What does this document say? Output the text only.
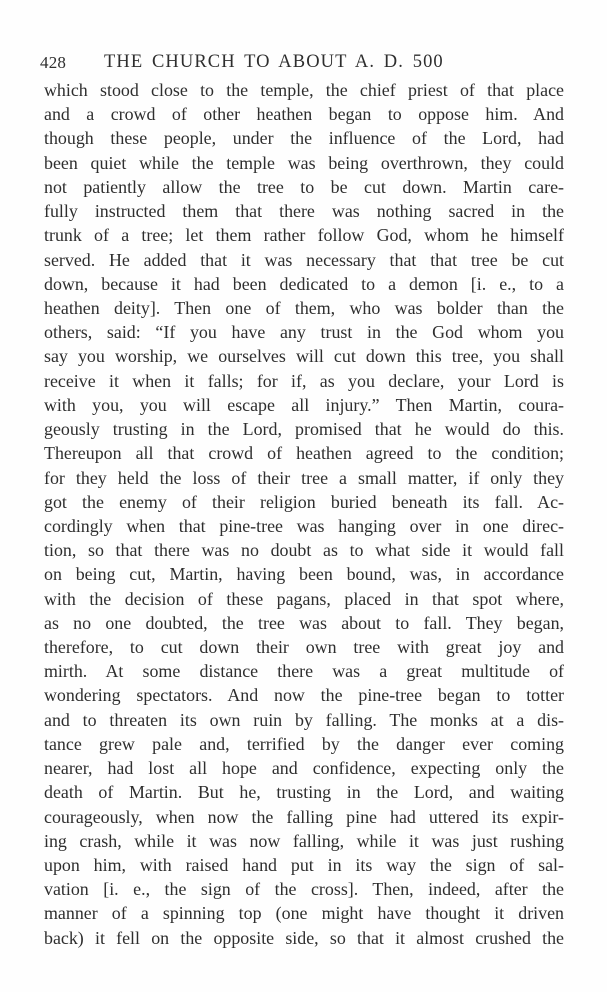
428 THE CHURCH TO ABOUT A. D. 500
which stood close to the temple, the chief priest of that place
and a crowd of other heathen began to oppose him. And
though these people, under the influence of the Lord, had
been quiet while the temple was being overthrown, they could
not patiently allow the tree to be cut down. Martin care-
fully instructed them that there was nothing sacred in the
trunk of a tree; let them rather follow God, whom he himself
served. He added that it was necessary that that tree be cut
down, because it had been dedicated to a demon [i. e., to a
heathen deity]. Then one of them, who was bolder than the
others, said: “If you have any trust in the God whom you
say you worship, we ourselves will cut down this tree, you shall
receive it when it falls; for if, as you declare, your Lord is
with you, you will escape all injury.” Then Martin, coura-
geously trusting in the Lord, promised that he would do this.
Thereupon all that crowd of heathen agreed to the condition;
for they held the loss of their tree a small matter, if only they
got the enemy of their religion buried beneath its fall. Ac-
cordingly when that pine-tree was hanging over in one direc-
tion, so that there was no doubt as to what side it would fall
on being cut, Martin, having been bound, was, in accordance
with the decision of these pagans, placed in that spot where,
as no one doubted, the tree was about to fall. They began,
therefore, to cut down their own tree with great joy and
mirth. At some distance there was a great multitude of
wondering spectators. And now the pine-tree began to totter
and to threaten its own ruin by falling. The monks at a dis-
tance grew pale and, terrified by the danger ever coming
nearer, had lost all hope and confidence, expecting only the
death of Martin. But he, trusting in the Lord, and waiting
courageously, when now the falling pine had uttered its expir-
ing crash, while it was now falling, while it was just rushing
upon him, with raised hand put in its way the sign of sal-
vation [i. e., the sign of the cross]. Then, indeed, after the
manner of a spinning top (one might have thought it driven
back) it fell on the opposite side, so that it almost crushed the
